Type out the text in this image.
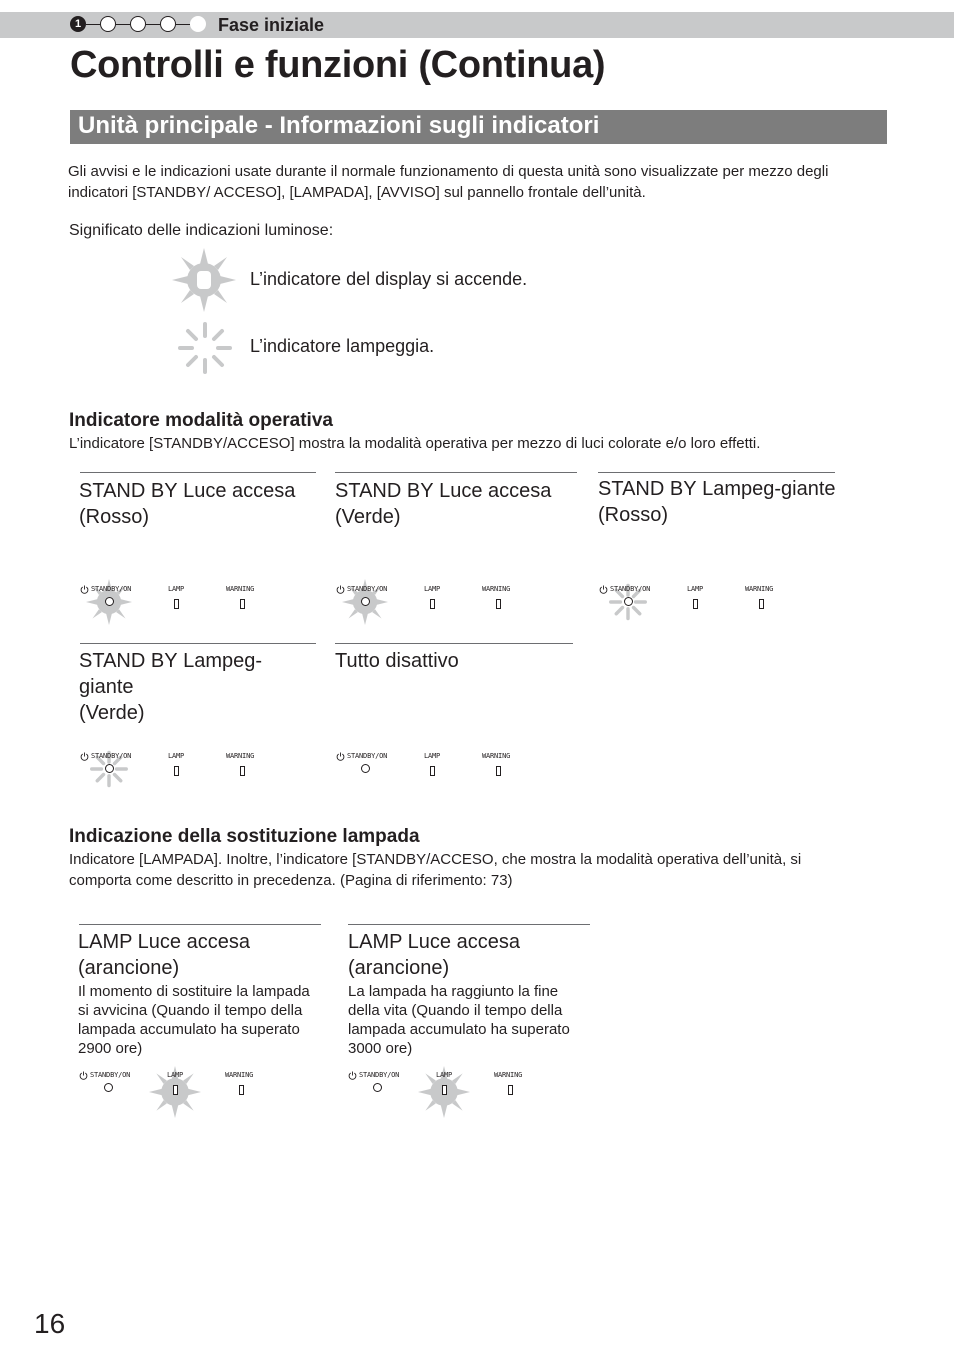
1	Fase iniziale
Controlli e funzioni (Continua)
Unità principale - Informazioni sugli indicatori
Gli avvisi e le indicazioni usate durante il normale funzionamento di questa unità sono visualizzate per mezzo degli indicatori [STANDBY/ ACCESO], [LAMPADA], [AVVISO] sul pannello frontale dell’unità.
Significato delle indicazioni luminose:
L’indicatore del display si accende.
L’indicatore lampeggia.
Indicatore modalità operativa
L’indicatore [STANDBY/ACCESO] mostra la modalità operativa per mezzo di luci colorate e/o loro effetti.
STAND BY Luce accesa
(Rosso)
STAND BY Luce accesa
(Verde)
STAND BY Lampeg-giante
(Rosso)
STAND BY Lampeg-giante
(Verde)
Tutto disattivo
STANDBY/ON	LAMP	WARNING	STANDBY/ON	LAMP	WARNING	STANDBY/ON	LAMP	WARNING
STANDBY/ON	LAMP	WARNING	STANDBY/ON	LAMP	WARNING
STANDBY/ON	LAMP	WARNING	STANDBY/ON	LAMP	WARNING
Indicazione della sostituzione lampada
Indicatore [LAMPADA]. Inoltre, l’indicatore [STANDBY/ACCESO, che mostra la modalità operativa dell’unità, si comporta come descritto in precedenza. (Pagina di riferimento: 73)
LAMP Luce accesa
(arancione)
Il momento di sostituire la lampada si avvicina (Quando il tempo della lampada accumulato ha superato 2900 ore)
LAMP Luce accesa
(arancione)
La lampada ha raggiunto la fine della vita (Quando il tempo della lampada accumulato ha superato 3000 ore)
16
